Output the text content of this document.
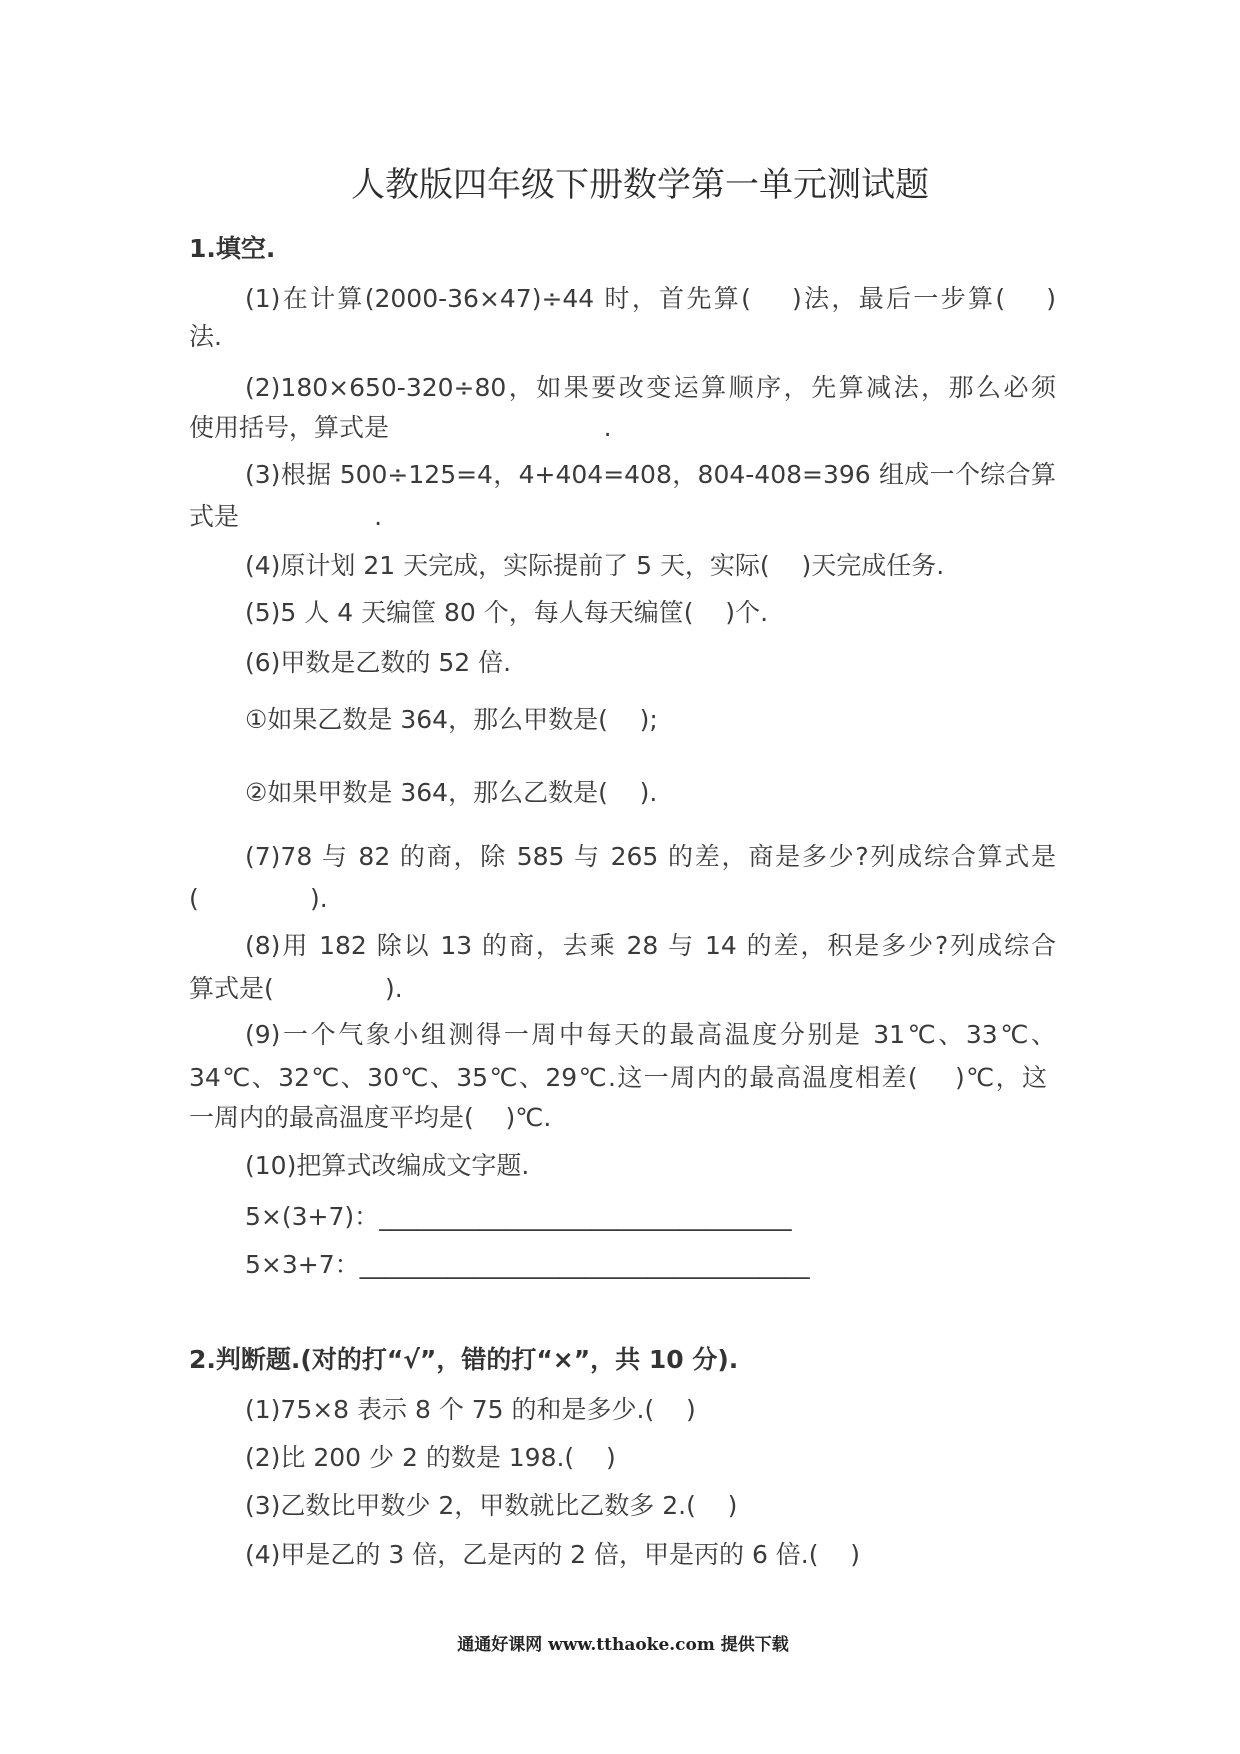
人教版四年级下册数学第一单元测试题
1.填空.
(1)在计算(2000-36×47)÷44 时，首先算(    )法，最后一步算(    )
法.
(2)180×650-320÷80，如果要改变运算顺序，先算减法，那么必须
使用括号，算式是                           .
(3)根据 500÷125=4，4+404=408，804-408=396 组成一个综合算
式是                 .
(4)原计划 21 天完成，实际提前了 5 天，实际(    )天完成任务.
(5)5 人 4 天编筐 80 个，每人每天编筐(    )个.
(6)甲数是乙数的 52 倍.
①如果乙数是 364，那么甲数是(    );
②如果甲数是 364，那么乙数是(    ).
(7)78 与 82 的商，除 585 与 265 的差，商是多少?列成综合算式是
(              ).
(8)用 182 除以 13 的商，去乘 28 与 14 的差，积是多少?列成综合
算式是(              ).
(9)一个气象小组测得一周中每天的最高温度分别是 31℃、33℃、
34℃、32℃、30℃、35℃、29℃.这一周内的最高温度相差(    )℃，这
一周内的最高温度平均是(    )℃.
(10)把算式改编成文字题.
5×(3+7)：_________________________________
5×3+7：____________________________________
2.判断题.(对的打“√”，错的打“×”，共 10 分).
(1)75×8 表示 8 个 75 的和是多少.(    )
(2)比 200 少 2 的数是 198.(    )
(3)乙数比甲数少 2，甲数就比乙数多 2.(    )
(4)甲是乙的 3 倍，乙是丙的 2 倍，甲是丙的 6 倍.(    )
通通好课网 www.tthaoke.com 提供下载
